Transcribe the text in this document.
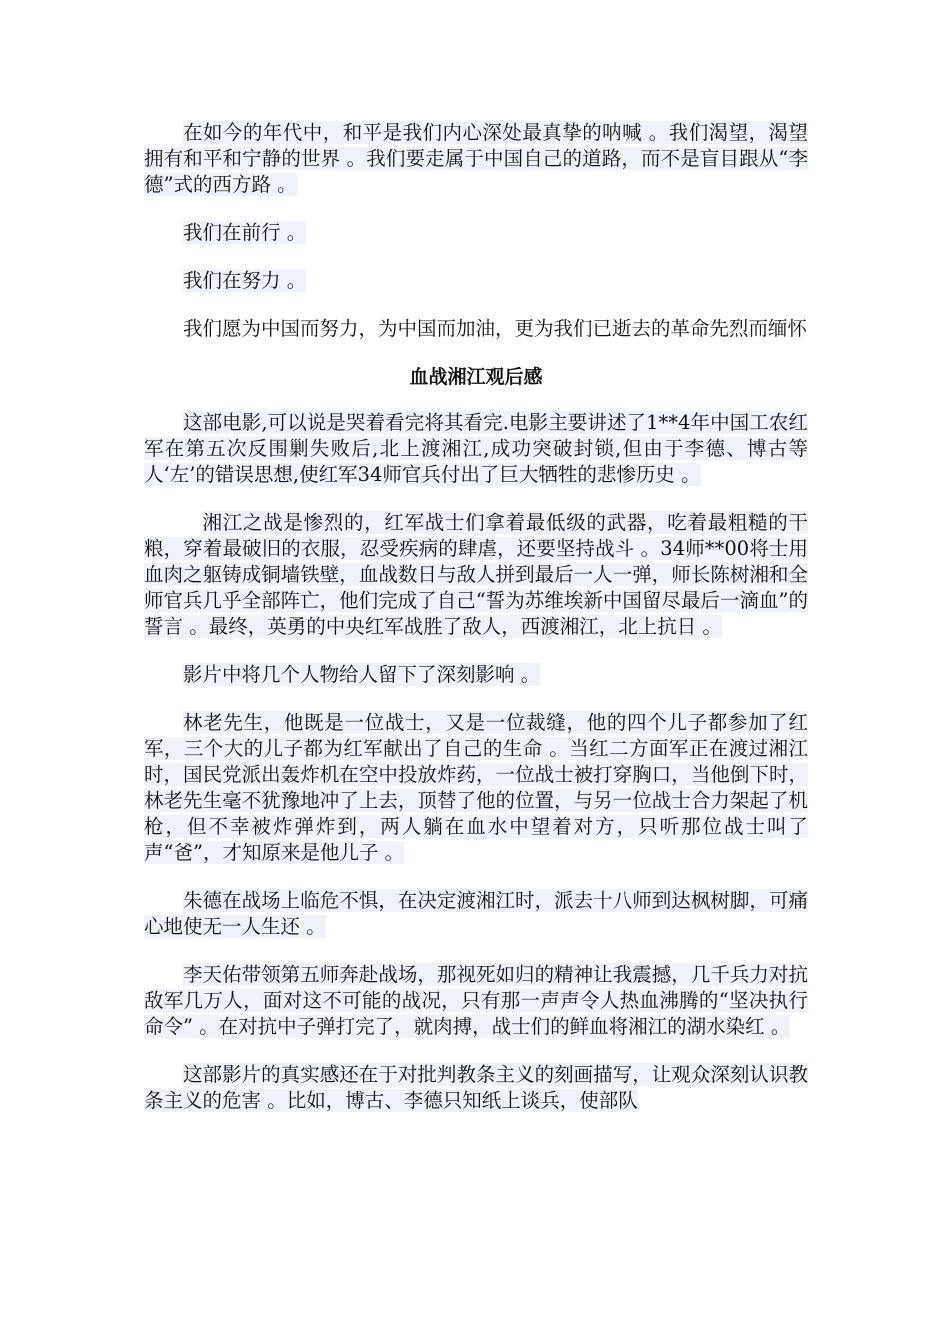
在如今的年代中，和平是我们内心深处最真挚的呐喊 。我们渴望，渴望拥有和平和宁静的世界 。我们要走属于中国自己的道路，而不是盲目跟从“李德”式的西方路 。

我们在前行 。

我们在努力 。

我们愿为中国而努力，为中国而加油，更为我们已逝去的革命先烈而缅怀

血战湘江观后感

这部电影,可以说是哭着看完将其看完.电影主要讲述了1**4年中国工农红军在第五次反围剿失败后,北上渡湘江,成功突破封锁,但由于李德、博古等人‘左’的错误思想,使红军34师官兵付出了巨大牺牲的悲惨历史 。

湘江之战是惨烈的，红军战士们拿着最低级的武器，吃着最粗糙的干粮，穿着最破旧的衣服，忍受疾病的肆虐，还要坚持战斗 。34师**00将士用血肉之躯铸成铜墙铁壁，血战数日与敌人拼到最后一人一弹，师长陈树湘和全师官兵几乎全部阵亡，他们完成了自己“誓为苏维埃新中国留尽最后一滴血”的誓言 。最终，英勇的中央红军战胜了敌人，西渡湘江，北上抗日 。

影片中将几个人物给人留下了深刻影响 。

林老先生，他既是一位战士，又是一位裁缝，他的四个儿子都参加了红军，三个大的儿子都为红军献出了自己的生命 。当红二方面军正在渡过湘江时，国民党派出轰炸机在空中投放炸药，一位战士被打穿胸口，当他倒下时，林老先生毫不犹豫地冲了上去，顶替了他的位置，与另一位战士合力架起了机枪，但不幸被炸弹炸到，两人躺在血水中望着对方，只听那位战士叫了声“爸”，才知原来是他儿子 。

朱德在战场上临危不惧，在决定渡湘江时，派去十八师到达枫树脚，可痛心地使无一人生还 。

李天佑带领第五师奔赴战场，那视死如归的精神让我震撼，几千兵力对抗敌军几万人，面对这不可能的战况，只有那一声声令人热血沸腾的“坚决执行命令” 。在对抗中子弹打完了，就肉搏，战士们的鲜血将湘江的湖水染红 。

这部影片的真实感还在于对批判教条主义的刻画描写，让观众深刻认识教条主义的危害 。比如，博古、李德只知纸上谈兵，使部队
